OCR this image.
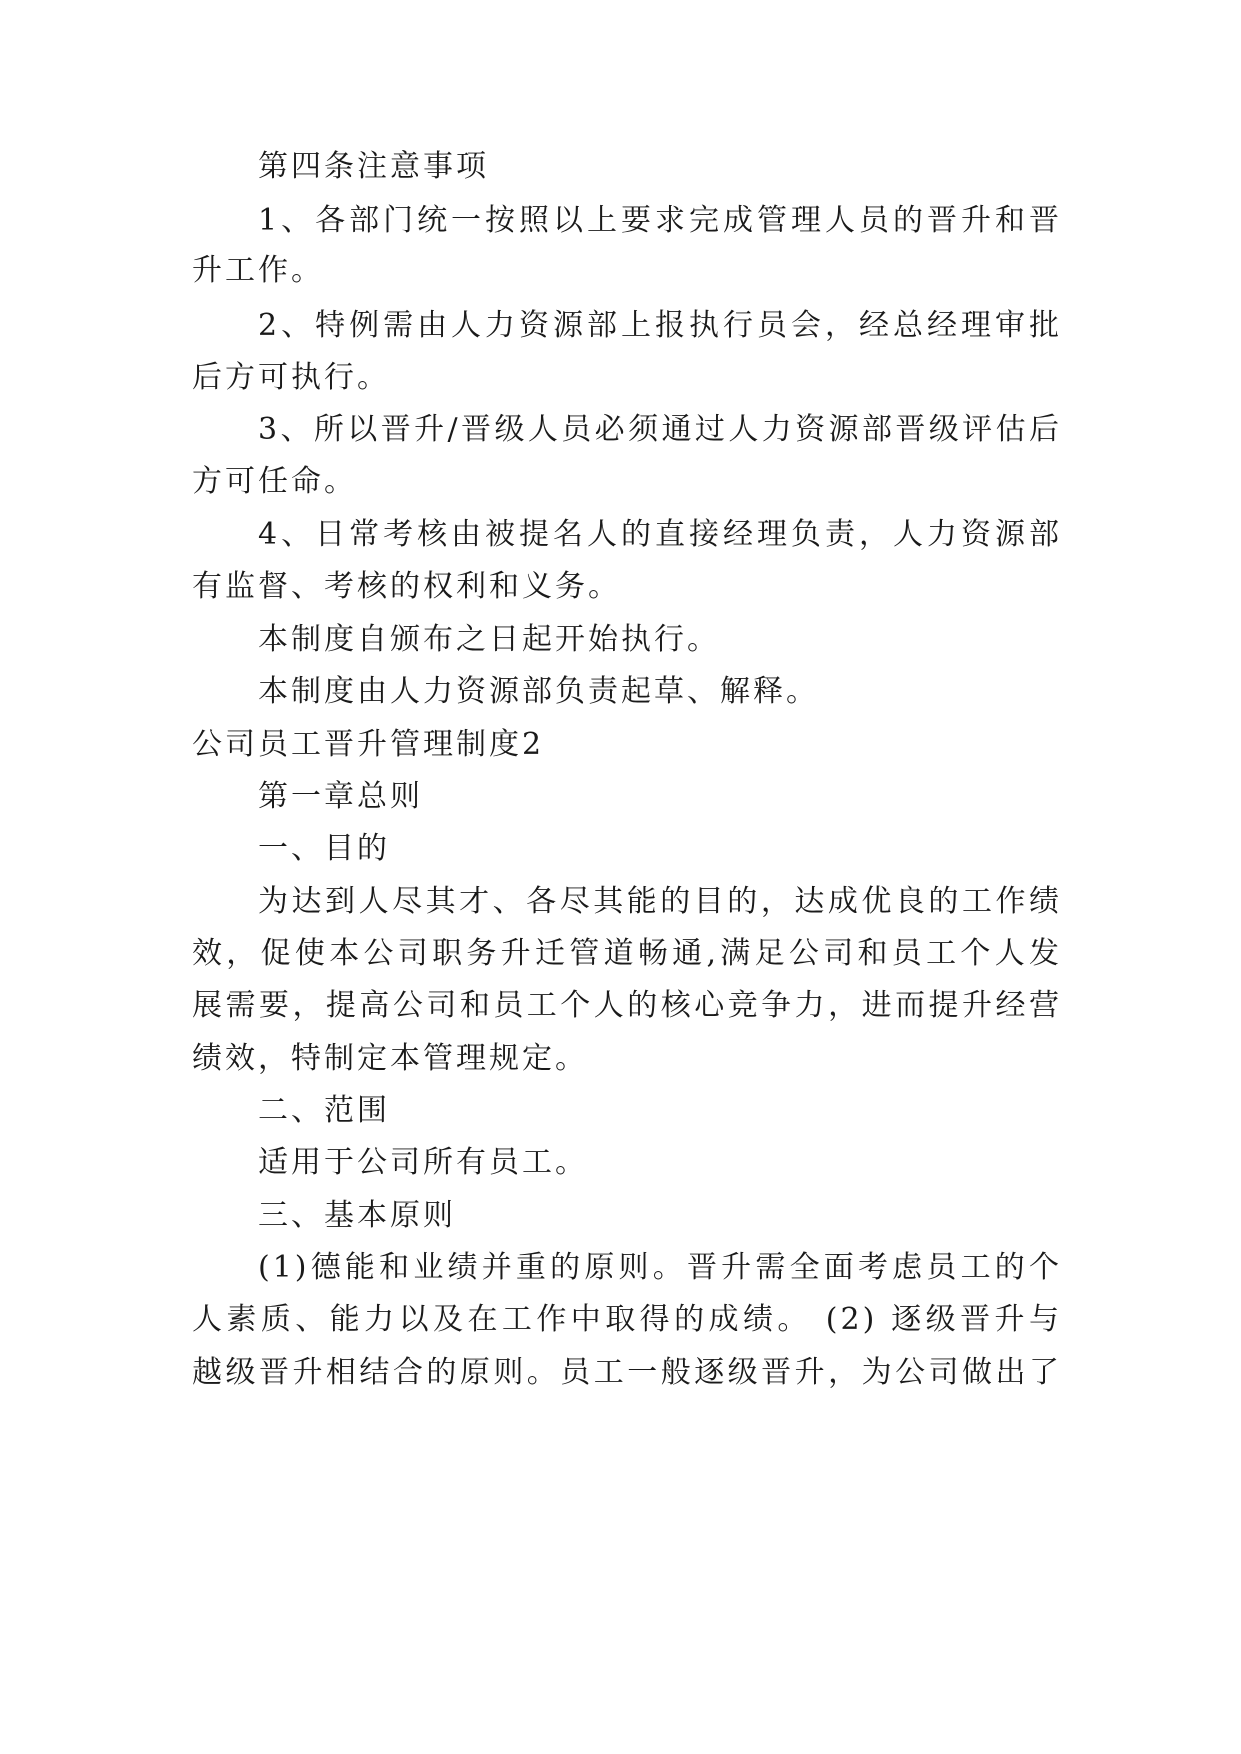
第四条注意事项
1、各部门统一按照以上要求完成管理人员的晋升和晋
升工作。
2、特例需由人力资源部上报执行员会，经总经理审批
后方可执行。
3、所以晋升/晋级人员必须通过人力资源部晋级评估后
方可任命。
4、日常考核由被提名人的直接经理负责，人力资源部
有监督、考核的权利和义务。
本制度自颁布之日起开始执行。
本制度由人力资源部负责起草、解释。
公司员工晋升管理制度2
第一章总则
一、目的
为达到人尽其才、各尽其能的目的，达成优良的工作绩
效，促使本公司职务升迁管道畅通,满足公司和员工个人发
展需要，提高公司和员工个人的核心竞争力，进而提升经营
绩效，特制定本管理规定。
二、范围
适用于公司所有员工。
三、基本原则
(1)德能和业绩并重的原则。晋升需全面考虑员工的个
人素质、能力以及在工作中取得的成绩。 (2) 逐级晋升与
越级晋升相结合的原则。员工一般逐级晋升，为公司做出了
